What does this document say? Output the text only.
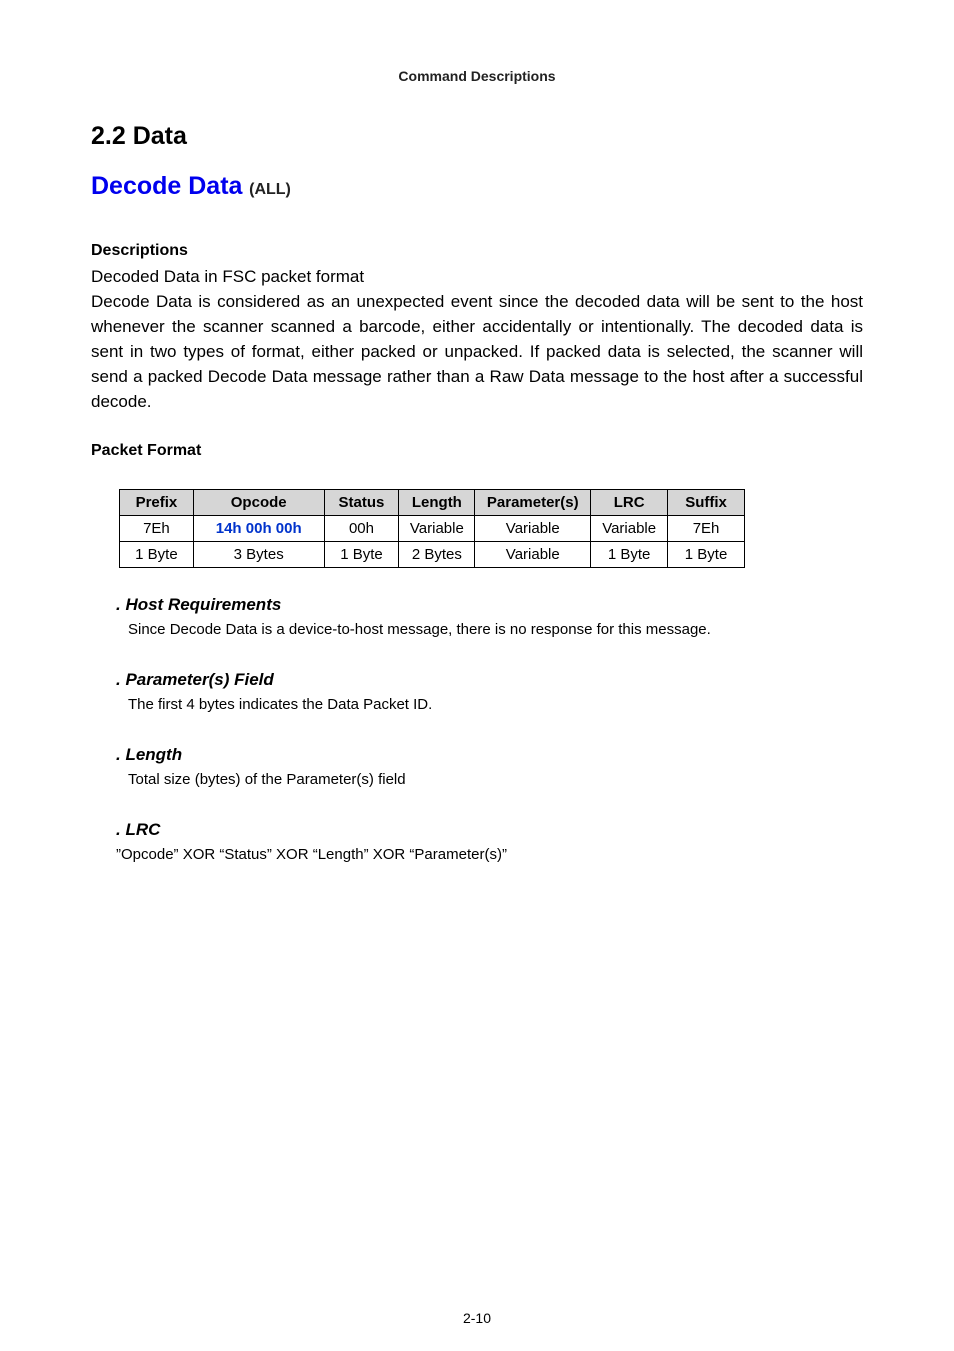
Command Descriptions
2.2 Data
Decode Data (ALL)
Descriptions

Decoded Data in FSC packet format

Decode Data is considered as an unexpected event since the decoded data will be sent to the host whenever the scanner scanned a barcode, either accidentally or intentionally. The decoded data is sent in two types of format, either packed or unpacked. If packed data is selected, the scanner will send a packed Decode Data message rather than a Raw Data message to the host after a successful decode.

Packet Format
Prefix	Opcode	Status	Length	Parameter(s)	LRC	Suffix
7Eh	14h 00h 00h	00h	Variable	Variable	Variable	7Eh
1 Byte	3 Bytes	1 Byte	2 Bytes	Variable	1 Byte	1 Byte
. Host Requirements
Since Decode Data is a device-to-host message, there is no response for this message.
. Parameter(s) Field
The first 4 bytes indicates the Data Packet ID.
. Length
Total size (bytes) of the Parameter(s) field
. LRC
”Opcode” XOR “Status” XOR “Length” XOR “Parameter(s)”
2-10
